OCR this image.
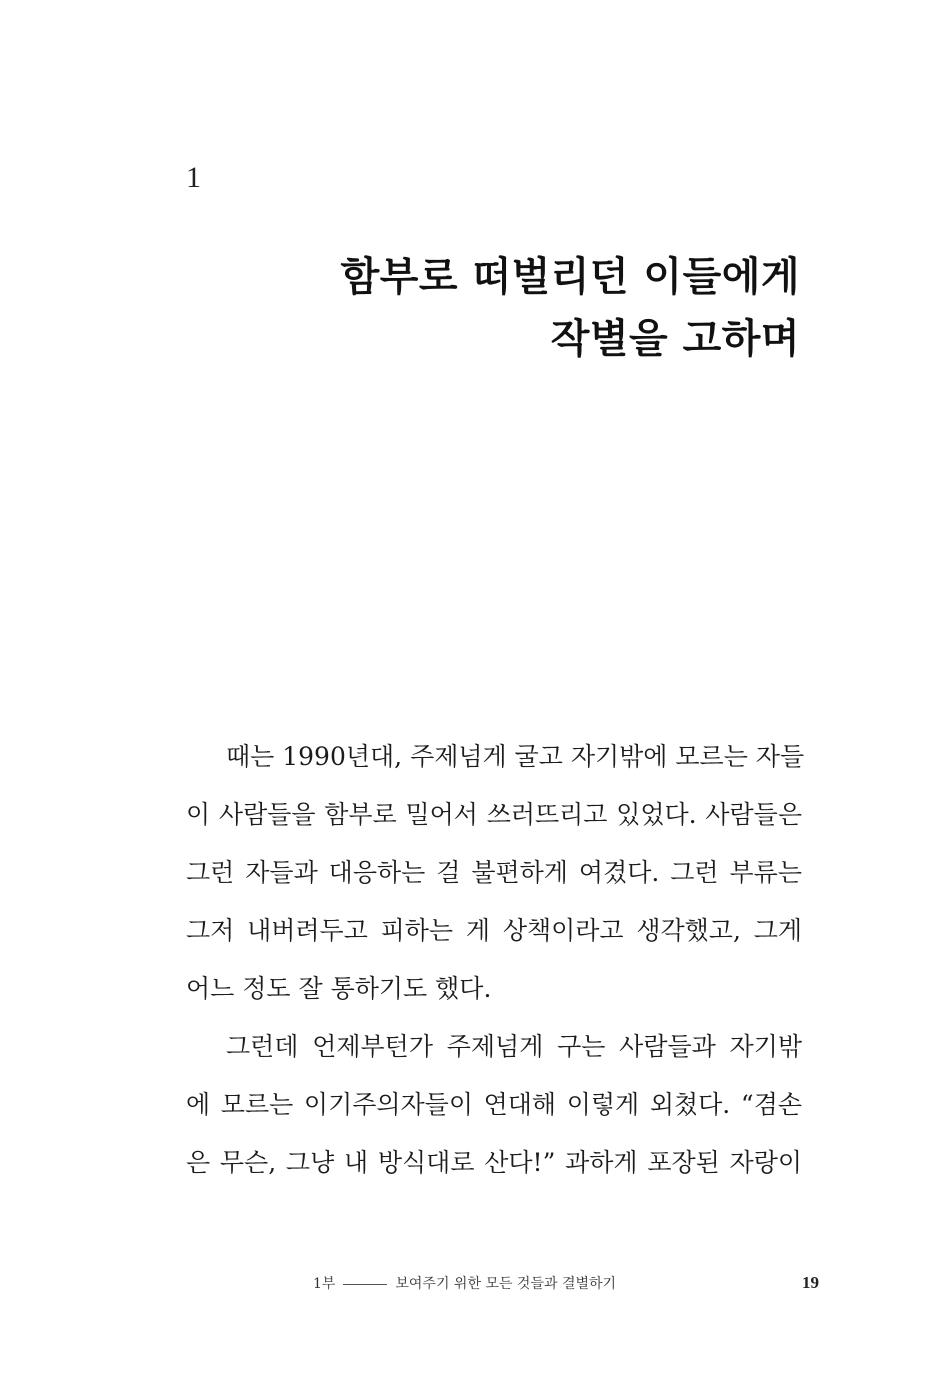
1
함부로 떠벌리던 이들에게
작별을 고하며
때는 1990년대, 주제넘게 굴고 자기밖에 모르는 자들
이 사람들을 함부로 밀어서 쓰러뜨리고 있었다. 사람들은
그런 자들과 대응하는 걸 불편하게 여겼다. 그런 부류는
그저 내버려두고 피하는 게 상책이라고 생각했고, 그게
어느 정도 잘 통하기도 했다.
그런데 언제부턴가 주제넘게 구는 사람들과 자기밖
에 모르는 이기주의자들이 연대해 이렇게 외쳤다. “겸손
은 무슨, 그냥 내 방식대로 산다!” 과하게 포장된 자랑이
1부	보여주기 위한 모든 것들과 결별하기	19
